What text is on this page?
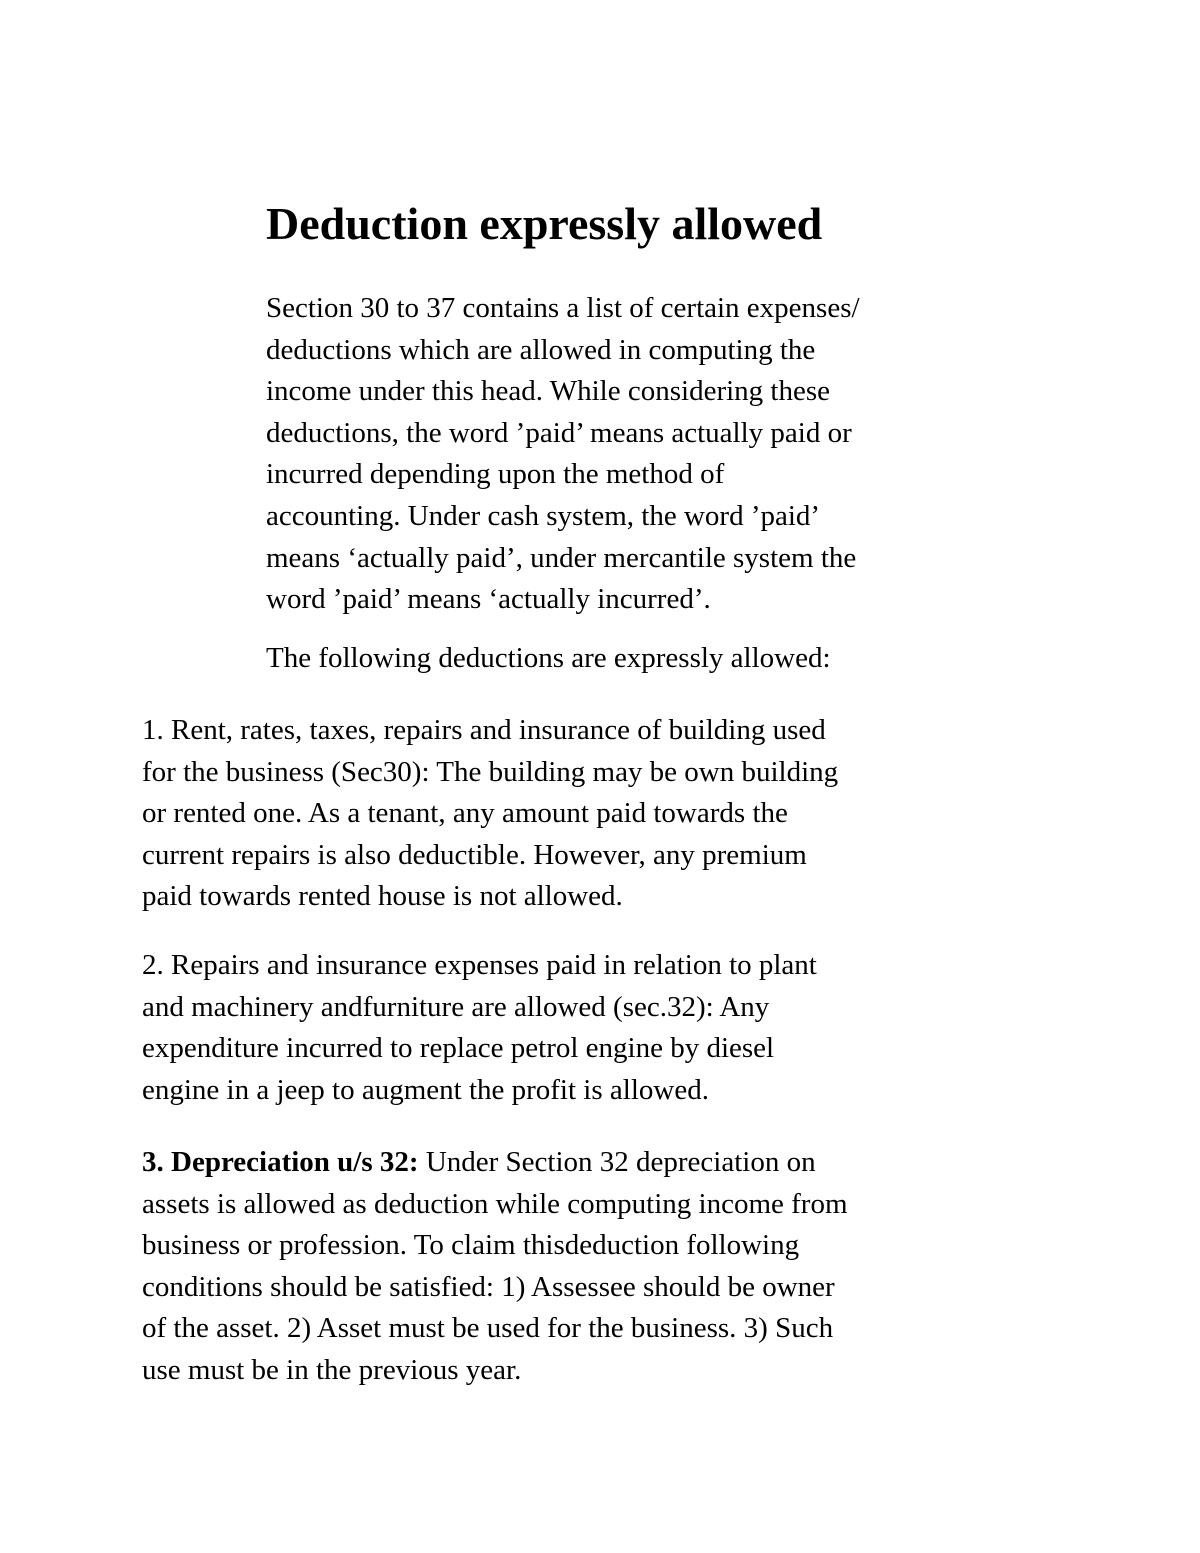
Deduction expressly allowed

Section 30 to 37 contains a list of certain expenses/
deductions which are allowed in computing the
income under this head. While considering these
deductions, the word ’paid’ means actually paid or
incurred depending upon the method of
accounting. Under cash system, the word ’paid’
means ‘actually paid’, under mercantile system the
word ’paid’ means ‘actually incurred’.

The following deductions are expressly allowed:

1. Rent, rates, taxes, repairs and insurance of building used
for the business (Sec30): The building may be own building
or rented one. As a tenant, any amount paid towards the
current repairs is also deductible. However, any premium
paid towards rented house is not allowed.

2. Repairs and insurance expenses paid in relation to plant
and machinery andfurniture are allowed (sec.32): Any
expenditure incurred to replace petrol engine by diesel
engine in a jeep to augment the profit is allowed.

3. Depreciation u/s 32: Under Section 32 depreciation on
assets is allowed as deduction while computing income from
business or profession. To claim thisdeduction following
conditions should be satisfied: 1) Assessee should be owner
of the asset. 2) Asset must be used for the business. 3) Such
use must be in the previous year.
